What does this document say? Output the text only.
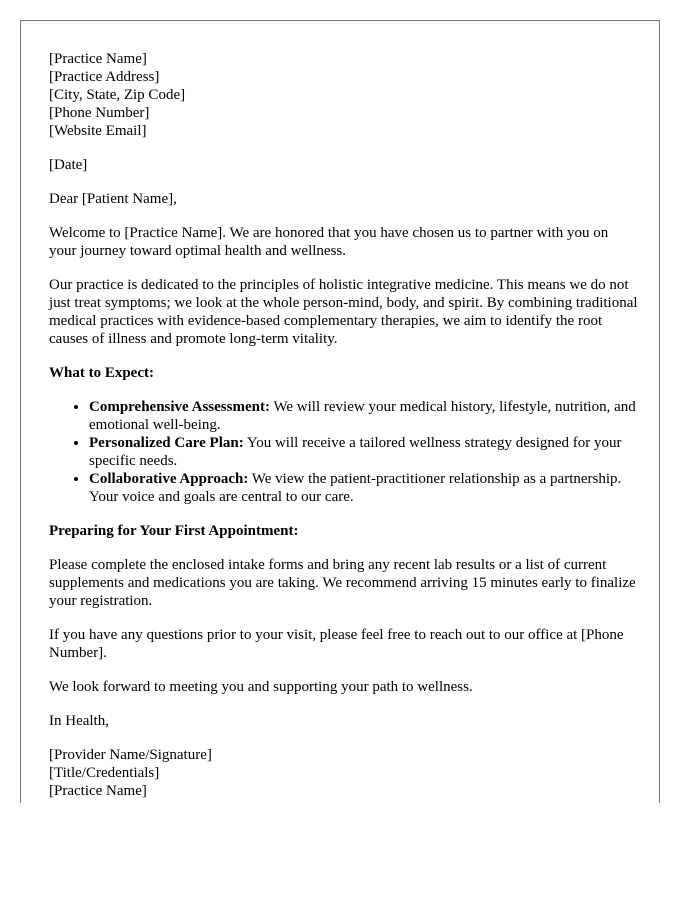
[Practice Name]
[Practice Address]
[City, State, Zip Code]
[Phone Number]
[Website Email]

[Date]

Dear [Patient Name],

Welcome to [Practice Name]. We are honored that you have chosen us to partner with you on your journey toward optimal health and wellness.

Our practice is dedicated to the principles of holistic integrative medicine. This means we do not just treat symptoms; we look at the whole person-mind, body, and spirit. By combining traditional medical practices with evidence-based complementary therapies, we aim to identify the root causes of illness and promote long-term vitality.

What to Expect:

• Comprehensive Assessment: We will review your medical history, lifestyle, nutrition, and emotional well-being.
• Personalized Care Plan: You will receive a tailored wellness strategy designed for your specific needs.
• Collaborative Approach: We view the patient-practitioner relationship as a partnership. Your voice and goals are central to our care.

Preparing for Your First Appointment:

Please complete the enclosed intake forms and bring any recent lab results or a list of current supplements and medications you are taking. We recommend arriving 15 minutes early to finalize your registration.

If you have any questions prior to your visit, please feel free to reach out to our office at [Phone Number].

We look forward to meeting you and supporting your path to wellness.

In Health,

[Provider Name/Signature]
[Title/Credentials]
[Practice Name]
